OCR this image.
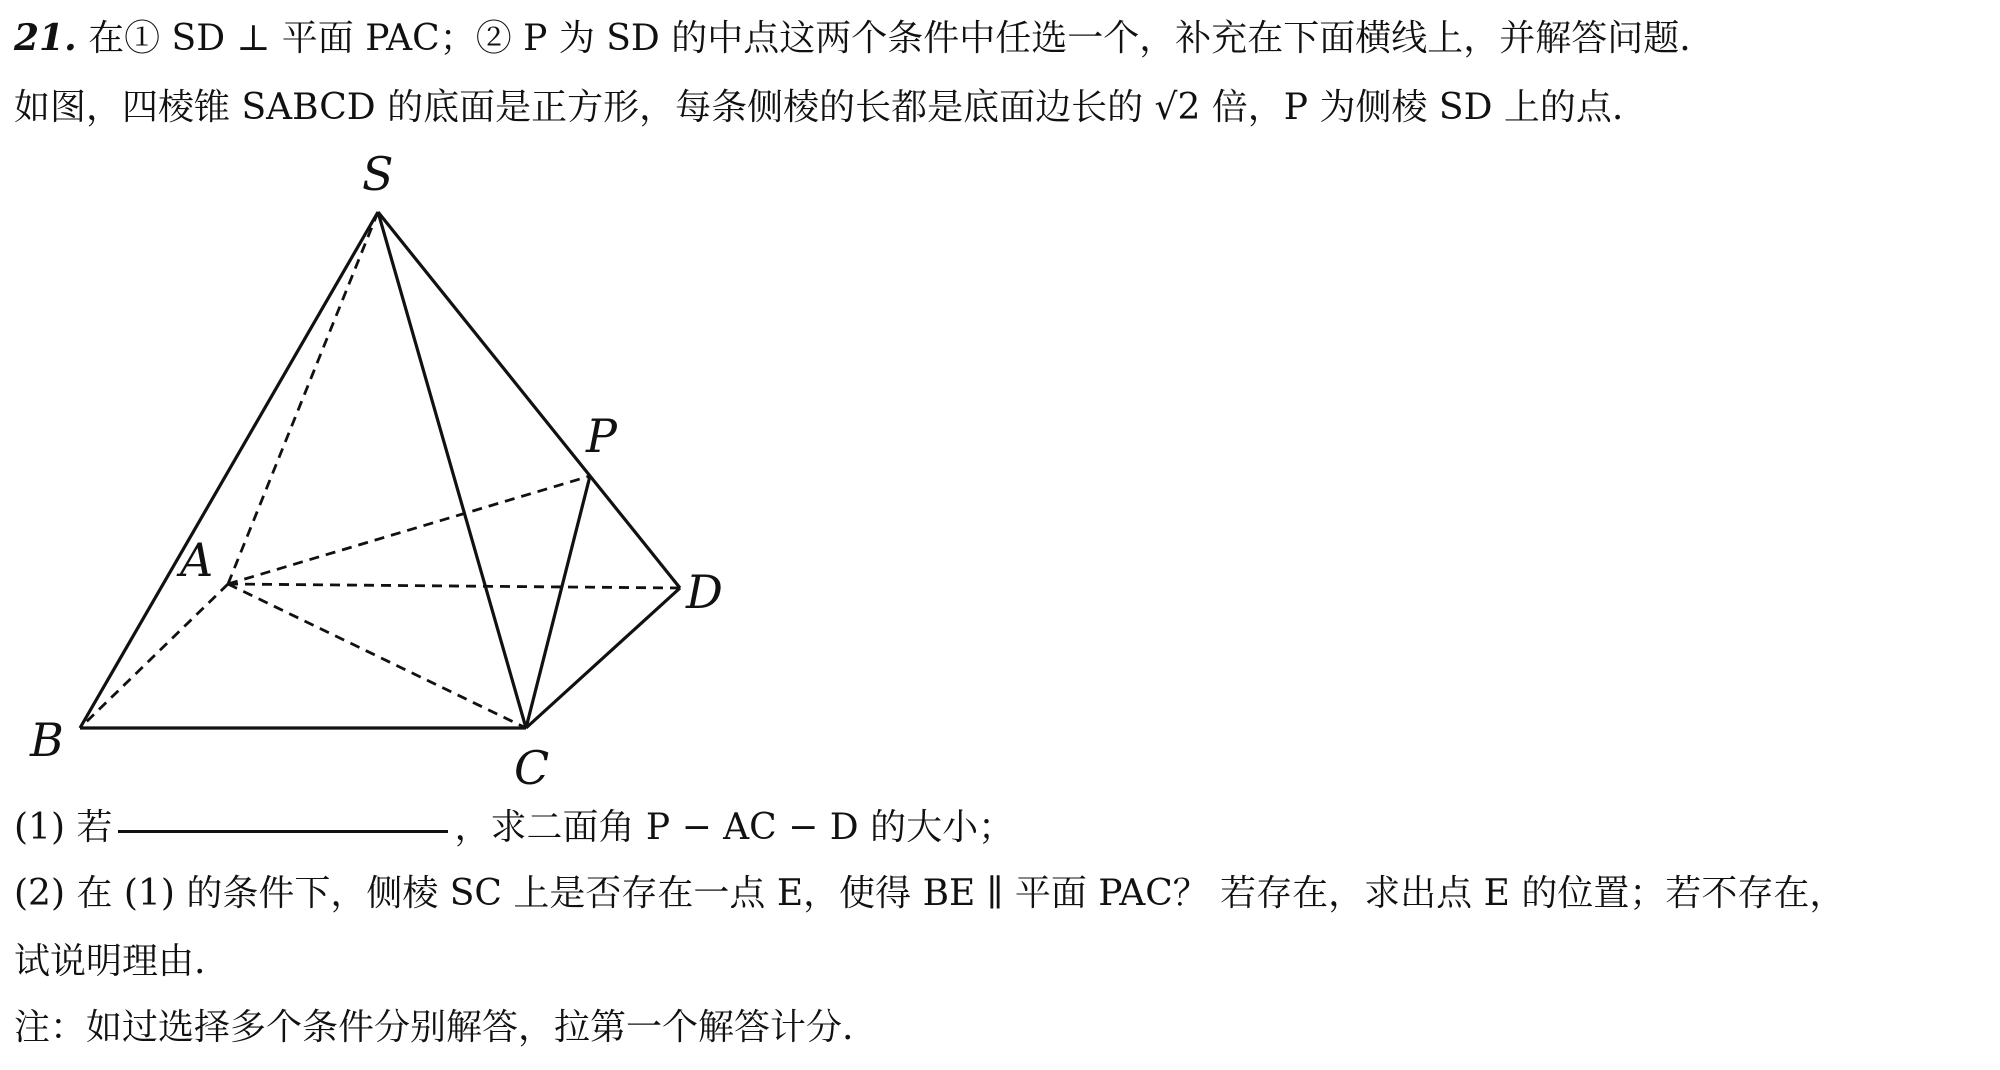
21. 在① SD ⊥ 平面 PAC；② P 为 SD 的中点这两个条件中任选一个，补充在下面横线上，并解答问题.
如图，四棱锥 SABCD 的底面是正方形，每条侧棱的长都是底面边长的 √2 倍，P 为侧棱 SD 上的点.
S
P
A
D
B
C
(1) 若	，求二面角 P − AC − D 的大小；
(2) 在 (1) 的条件下，侧棱 SC 上是否存在一点 E，使得 BE ∥ 平面 PAC？ 若存在，求出点 E 的位置；若不存在，
试说明理由.
注：如过选择多个条件分别解答，拉第一个解答计分.
